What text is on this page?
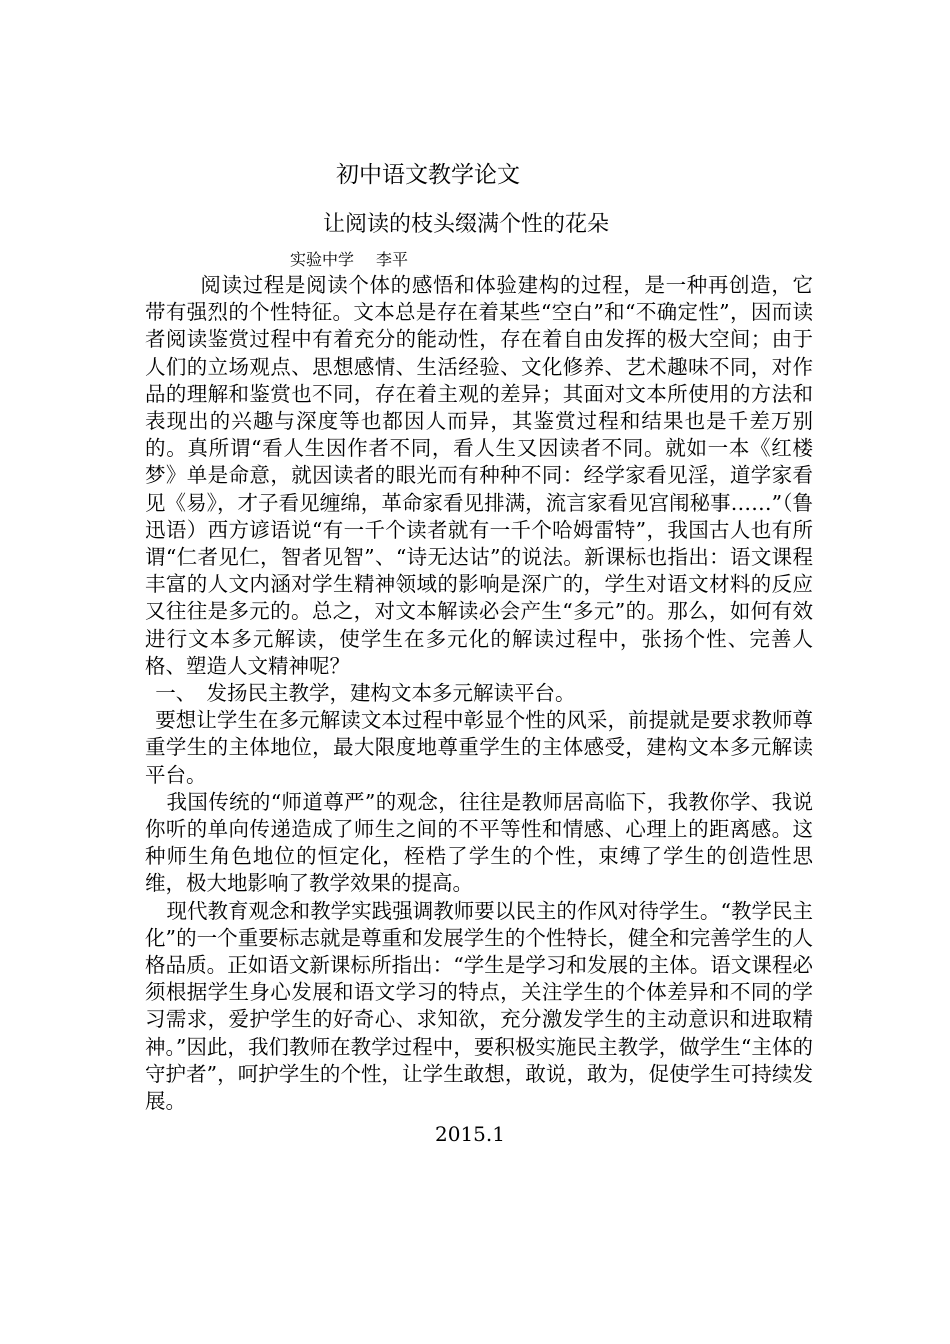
初中语文教学论文
让阅读的枝头缀满个性的花朵
实验中学 李平

阅读过程是阅读个体的感悟和体验建构的过程，是一种再创造，它带有强烈的个性特征。文本总是存在着某些“空白”和“不确定性”，因而读者阅读鉴赏过程中有着充分的能动性，存在着自由发挥的极大空间；由于人们的立场观点、思想感情、生活经验、文化修养、艺术趣味不同，对作品的理解和鉴赏也不同，存在着主观的差异；其面对文本所使用的方法和表现出的兴趣与深度等也都因人而异，其鉴赏过程和结果也是千差万别的。真所谓“看人生因作者不同，看人生又因读者不同。就如一本《红楼梦》单是命意，就因读者的眼光而有种种不同：经学家看见淫，道学家看见《易》，才子看见缠绵，革命家看见排满，流言家看见宫闱秘事……”（鲁迅语）西方谚语说“有一千个读者就有一千个哈姆雷特”，我国古人也有所谓“仁者见仁，智者见智”、“诗无达诂”的说法。新课标也指出：语文课程丰富的人文内涵对学生精神领域的影响是深广的，学生对语文材料的反应又往往是多元的。总之，对文本解读必会产生“多元”的。那么，如何有效进行文本多元解读，使学生在多元化的解读过程中，张扬个性、完善人格、塑造人文精神呢？

一、　发扬民主教学，建构文本多元解读平台。

要想让学生在多元解读文本过程中彰显个性的风采，前提就是要求教师尊重学生的主体地位，最大限度地尊重学生的主体感受，建构文本多元解读平台。

我国传统的“师道尊严”的观念，往往是教师居高临下，我教你学、我说你听的单向传递造成了师生之间的不平等性和情感、心理上的距离感。这种师生角色地位的恒定化，桎梏了学生的个性，束缚了学生的创造性思维，极大地影响了教学效果的提高。

现代教育观念和教学实践强调教师要以民主的作风对待学生。“教学民主化”的一个重要标志就是尊重和发展学生的个性特长，健全和完善学生的人格品质。正如语文新课标所指出：“学生是学习和发展的主体。语文课程必须根据学生身心发展和语文学习的特点，关注学生的个体差异和不同的学习需求，爱护学生的好奇心、求知欲，充分激发学生的主动意识和进取精神。”因此，我们教师在教学过程中，要积极实施民主教学，做学生“主体的守护者”，呵护学生的个性，让学生敢想，敢说，敢为，促使学生可持续发展。

2015.1
